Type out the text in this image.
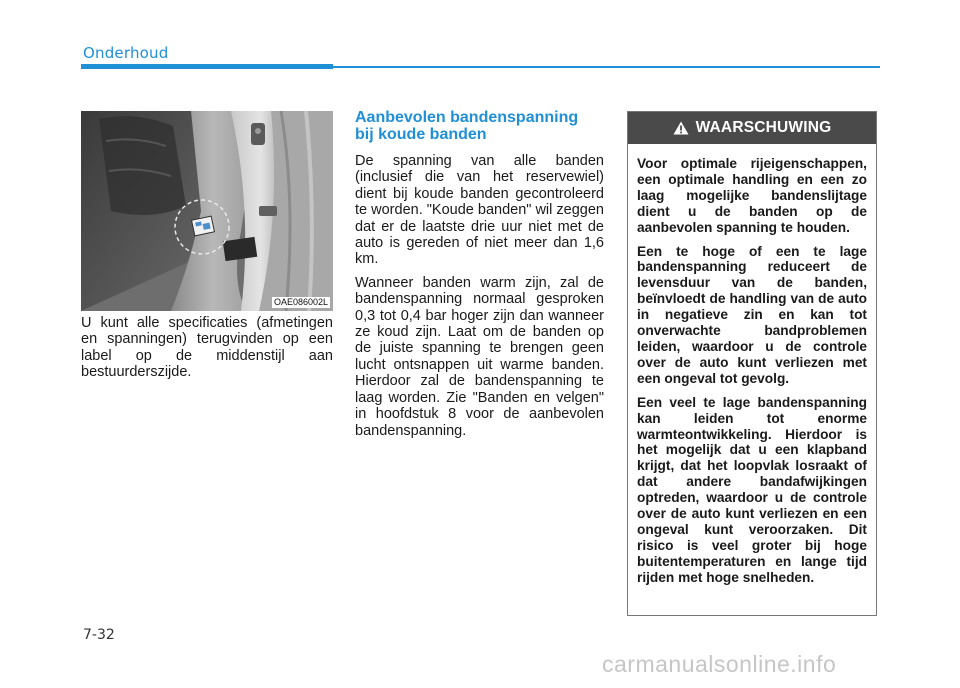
Onderhoud
OAE086002L
U kunt alle specificaties (afmetingen en spanningen) terugvinden op een label op de middenstijl aan bestuurderszijde.
Aanbevolen bandenspanning
bij koude banden

De spanning van alle banden (inclusief die van het reservewiel) dient bij koude banden gecontroleerd te worden. "Koude banden" wil zeggen dat er de laatste drie uur niet met de auto is gereden of niet meer dan 1,6 km.

Wanneer banden warm zijn, zal de bandenspanning normaal gesproken 0,3 tot 0,4 bar hoger zijn dan wanneer ze koud zijn. Laat om de banden op de juiste spanning te brengen geen lucht ontsnappen uit warme banden. Hierdoor zal de bandenspanning te laag worden. Zie "Banden en velgen" in hoofdstuk 8 voor de aanbevolen bandenspanning.

WAARSCHUWING

Voor optimale rijeigenschappen, een optimale handling en een zo laag mogelijke bandenslijtage dient u de banden op de aanbevolen spanning te houden.

Een te hoge of een te lage bandenspanning reduceert de levensduur van de banden, beïnvloedt de handling van de auto in negatieve zin en kan tot onverwachte bandproblemen leiden, waardoor u de controle over de auto kunt verliezen met een ongeval tot gevolg.

Een veel te lage bandenspanning kan leiden tot enorme warmteontwikkeling. Hierdoor is het mogelijk dat u een klapband krijgt, dat het loopvlak losraakt of dat andere bandafwijkingen optreden, waardoor u de controle over de auto kunt verliezen en een ongeval kunt veroorzaken. Dit risico is veel groter bij hoge buitentemperaturen en lange tijd rijden met hoge snelheden.

7-32
carmanualsonline.info
